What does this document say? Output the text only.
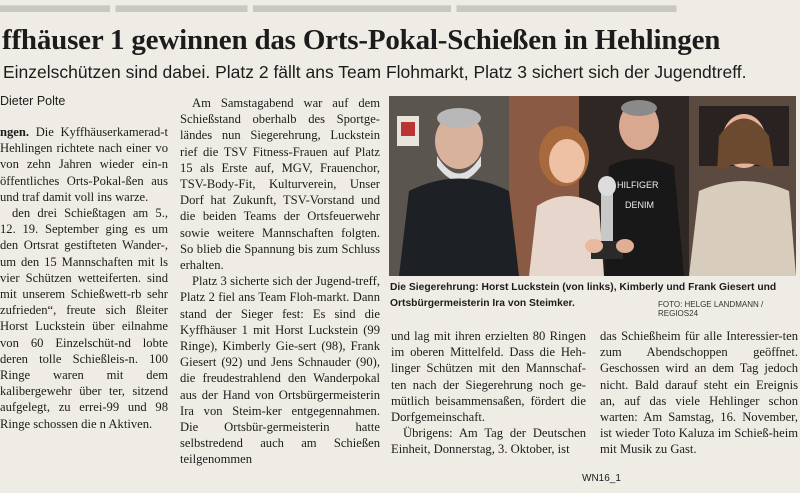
▬▬▬▬▬ ▬▬▬▬▬▬ ▬▬▬▬▬▬▬▬▬ ▬▬▬▬▬▬▬▬▬▬
ffhäuser 1 gewinnen das Orts-Pokal-Schießen in Hehlingen
Einzelschützen sind dabei. Platz 2 fällt ans Team Flohmarkt, Platz 3 sichert sich der Jugendtreff.
Dieter Polte

ngen. Die Kyffhäuserkamerad-t Hehlingen richtete nach einer vo von zehn Jahren wieder ein-n öffentliches Orts-Pokal-ßen aus und traf damit voll ins warze.

den drei Schießtagen am 5., 12. 19. September ging es um den Ortsrat gestifteten Wander-, um den 15 Mannschaften mit ls vier Schützen wetteiferten. sind mit unserem Schießwett-rb sehr zufrieden“, freute sich ßleiter Horst Luckstein über eilnahme von 60 Einzelschüt-nd lobte deren tolle Schießleis-n. 100 Ringe waren mit dem kalibergewehr über ter, sitzend aufgelegt, zu errei-99 und 98 Ringe schossen die n Aktiven.

Am Samstagabend war auf dem Schießstand oberhalb des Sportge-ländes nun Siegerehrung, Luckstein rief die TSV Fitness-Frauen auf Platz 15 als Erste auf, MGV, Frauenchor, TSV-Body-Fit, Kulturverein, Unser Dorf hat Zukunft, TSV-Vorstand und die beiden Teams der Ortsfeuerwehr sowie weitere Mannschaften folgten. So blieb die Spannung bis zum Schluss erhalten.

Platz 3 sicherte sich der Jugend-treff, Platz 2 fiel ans Team Floh-markt. Dann stand der Sieger fest: Es sind die Kyffhäuser 1 mit Horst Luckstein (99 Ringe), Kimberly Gie-sert (98), Frank Giesert (92) und Jens Schnauder (90), die freudestrahlend den Wanderpokal aus der Hand von Ortsbürgermeisterin Ira von Steim-ker entgegennahmen. Die Ortsbür-germeisterin hatte selbstredend auch am Schießen teilgenommen

HILFIGER
DENIM
Die Siegerehrung: Horst Luckstein (von links), Kimberly und Frank Giesert und Ortsbürgermeisterin Ira von Steimker.	FOTO: HELGE LANDMANN / REGIOS24

und lag mit ihren erzielten 80 Ringen im oberen Mittelfeld. Dass die Heh-linger Schützen mit den Mannschaf-ten nach der Siegerehrung noch ge-mütlich beisammensaßen, fördert die Dorfgemeinschaft.

Übrigens: Am Tag der Deutschen Einheit, Donnerstag, 3. Oktober, ist

das Schießheim für alle Interessier-ten zum Abendschoppen geöffnet. Geschossen wird an dem Tag jedoch nicht. Bald darauf steht ein Ereignis an, auf das viele Hehlinger schon warten: Am Samstag, 16. November, ist wieder Toto Kaluza im Schieß-heim mit Musik zu Gast.

WN16_1
